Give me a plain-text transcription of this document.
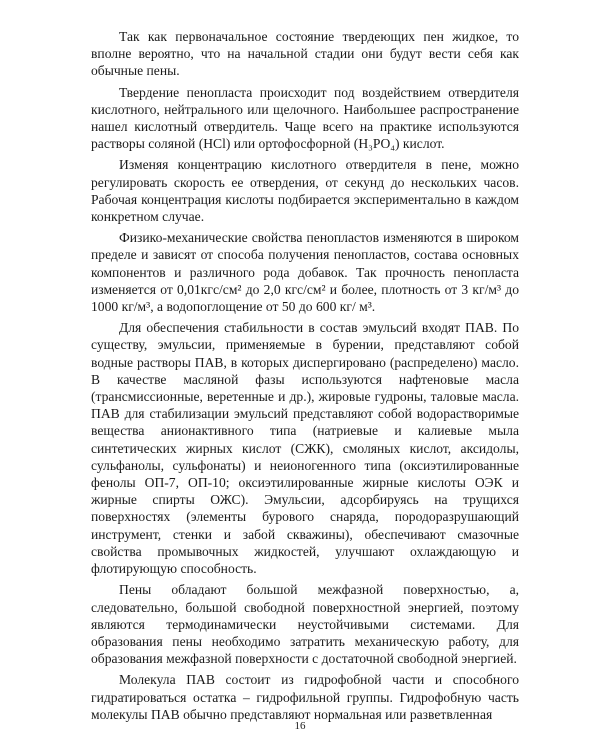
Так как первоначальное состояние твердеющих пен жидкое, то вполне вероятно, что на начальной стадии они будут вести себя как обычные пены.

Твердение пенопласта происходит под воздействием отвердителя кислотного, нейтрального или щелочного. Наибольшее распространение нашел кислотный отвердитель. Чаще всего на практике используются растворы соляной (HCl) или ортофосфорной (H₃PO₄) кислот.

Изменяя концентрацию кислотного отвердителя в пене, можно регулировать скорость ее отвердения, от секунд до нескольких часов. Рабочая концентрация кислоты подбирается экспериментально в каждом конкретном случае.

Физико-механические свойства пенопластов изменяются в широком пределе и зависят от способа получения пенопластов, состава основных компонентов и различного рода добавок. Так прочность пенопласта изменяется от 0,01кгс/см² до 2,0 кгс/см² и более, плотность от 3 кг/м³ до 1000 кг/м³, а водопоглощение от 50 до 600 кг/ м³.

Для обеспечения стабильности в состав эмульсий входят ПАВ. По существу, эмульсии, применяемые в бурении, представляют собой водные растворы ПАВ, в которых диспергировано (распределено) масло. В качестве масляной фазы используются нафтеновые масла (трансмиссионные, веретенные и др.), жировые гудроны, таловые масла. ПАВ для стабилизации эмульсий представляют собой водорастворимые вещества анионактивного типа (натриевые и калиевые мыла синтетических жирных кислот (СЖК), смоляных кислот, аксидолы, сульфанолы, сульфонаты) и неионогенного типа (оксиэтилированные фенолы ОП-7, ОП-10; оксиэтилированные жирные кислоты ОЭК и жирные спирты ОЖС). Эмульсии, адсорбируясь на трущихся поверхностях (элементы бурового снаряда, породоразрушающий инструмент, стенки и забой скважины), обеспечивают смазочные свойства промывочных жидкостей, улучшают охлаждающую и флотирующую способность.

Пены обладают большой межфазной поверхностью, а, следовательно, большой свободной поверхностной энергией, поэтому являются термодинамически неустойчивыми системами. Для образования пены необходимо затратить механическую работу, для образования межфазной поверхности с достаточной свободной энергией.

Молекула ПАВ состоит из гидрофобной части и способного гидратироваться остатка – гидрофильной группы. Гидрофобную часть молекулы ПАВ обычно представляют нормальная или разветвленная

16
